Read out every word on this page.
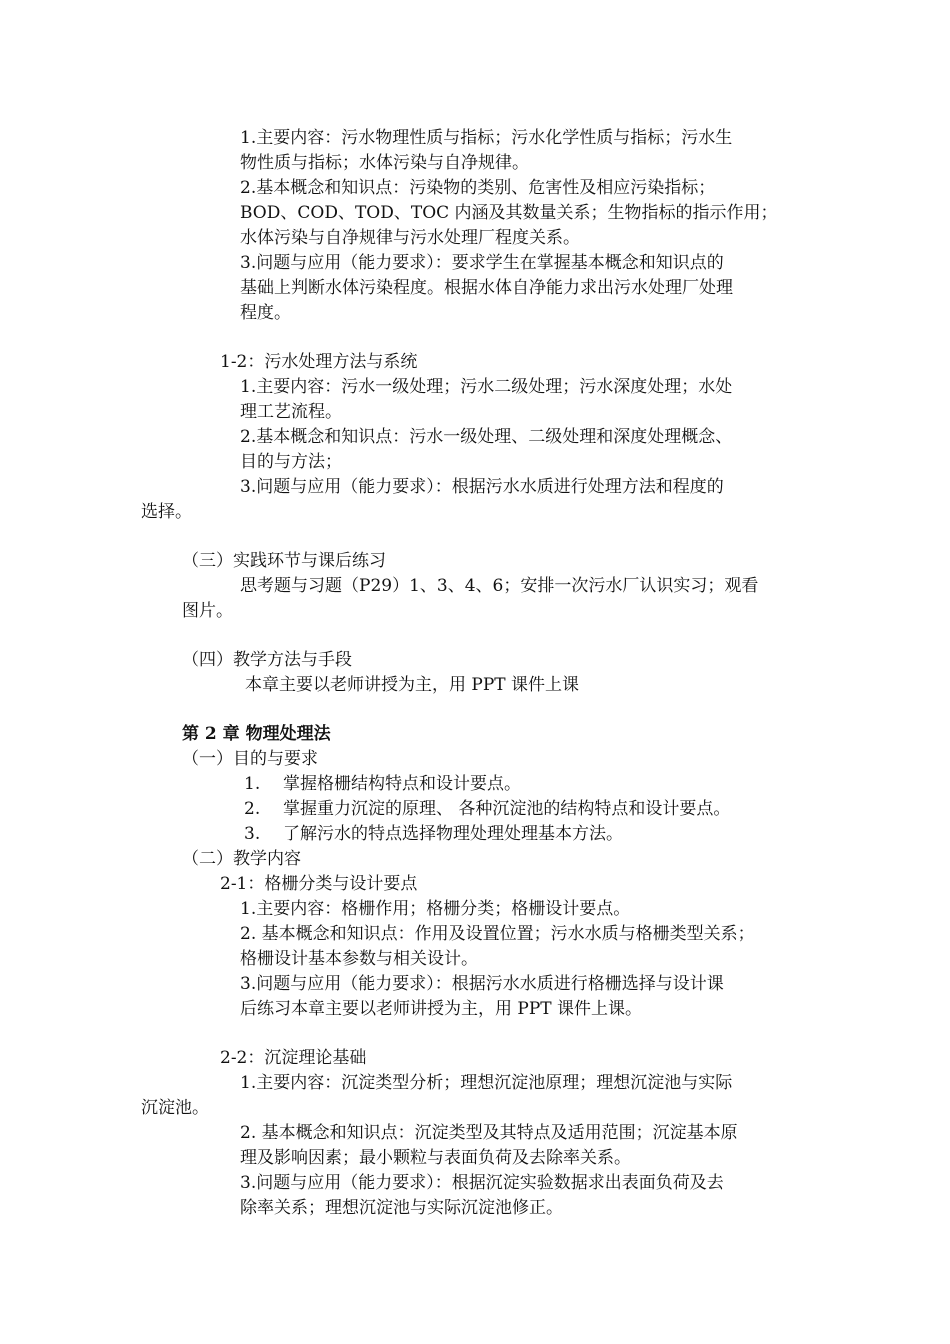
1.主要内容：污水物理性质与指标；污水化学性质与指标；污水生
物性质与指标；水体污染与自净规律。
2.基本概念和知识点：污染物的类别、危害性及相应污染指标；
BOD、COD、TOD、TOC 内涵及其数量关系；生物指标的指示作用；
水体污染与自净规律与污水处理厂程度关系。
3.问题与应用（能力要求）：要求学生在掌握基本概念和知识点的
基础上判断水体污染程度。根据水体自净能力求出污水处理厂处理
程度。
1-2：污水处理方法与系统
1.主要内容：污水一级处理；污水二级处理；污水深度处理；水处
理工艺流程。
2.基本概念和知识点：污水一级处理、二级处理和深度处理概念、
目的与方法；
3.问题与应用（能力要求）：根据污水水质进行处理方法和程度的
选择。
（三）实践环节与课后练习
思考题与习题（P29）1、3、4、6；安排一次污水厂认识实习；观看
图片。
（四）教学方法与手段
本章主要以老师讲授为主，用 PPT 课件上课
第 2 章 物理处理法
（一）目的与要求
1. 掌握格栅结构特点和设计要点。
2. 掌握重力沉淀的原理、 各种沉淀池的结构特点和设计要点。
3. 了解污水的特点选择物理处理处理基本方法。
（二）教学内容
2-1：格栅分类与设计要点
1.主要内容：格栅作用；格栅分类；格栅设计要点。
2. 基本概念和知识点：作用及设置位置；污水水质与格栅类型关系；
格栅设计基本参数与相关设计。
3.问题与应用（能力要求）：根据污水水质进行格栅选择与设计课
后练习本章主要以老师讲授为主，用 PPT 课件上课。
2-2：沉淀理论基础
1.主要内容：沉淀类型分析；理想沉淀池原理；理想沉淀池与实际
沉淀池。
2. 基本概念和知识点：沉淀类型及其特点及适用范围；沉淀基本原
理及影响因素；最小颗粒与表面负荷及去除率关系。
3.问题与应用（能力要求）：根据沉淀实验数据求出表面负荷及去
除率关系；理想沉淀池与实际沉淀池修正。
